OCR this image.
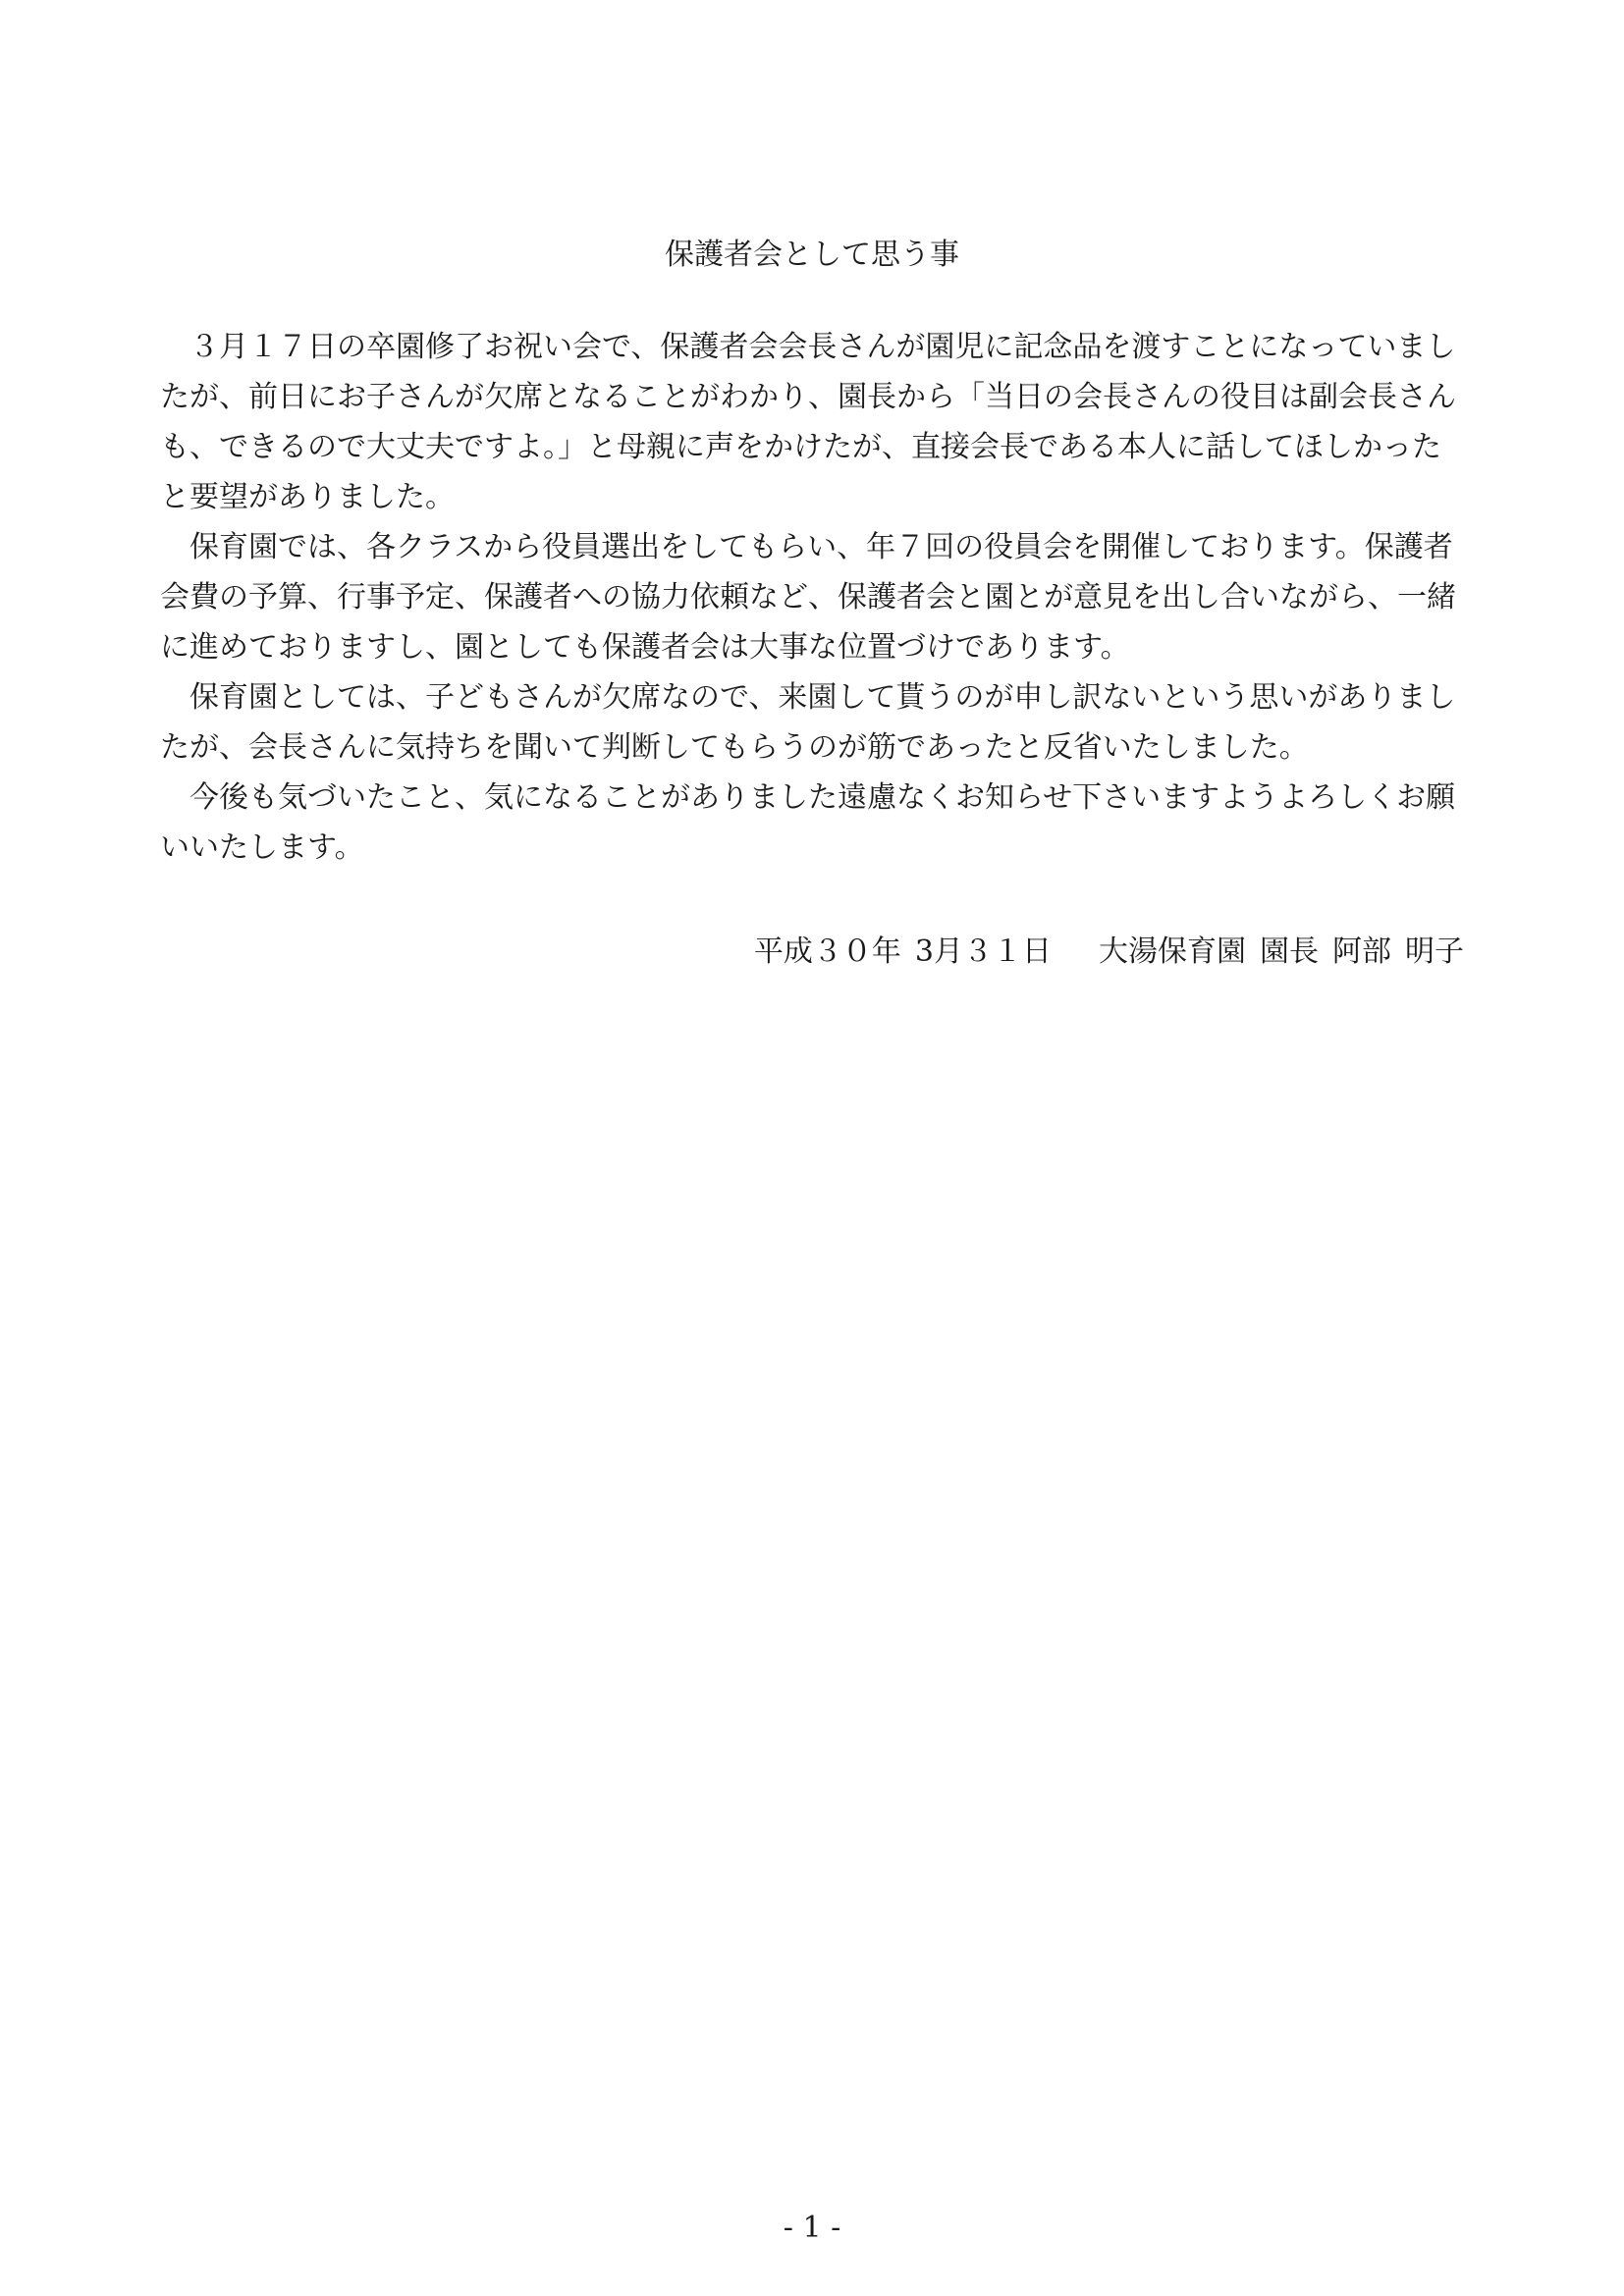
保護者会として思う事

３月１７日の卒園修了お祝い会で、保護者会会長さんが園児に記念品を渡すことになっていましたが、前日にお子さんが欠席となることがわかり、園長から「当日の会長さんの役目は副会長さんも、できるので大丈夫ですよ。」と母親に声をかけたが、直接会長である本人に話してほしかったと要望がありました。

保育園では、各クラスから役員選出をしてもらい、年７回の役員会を開催しております。保護者会費の予算、行事予定、保護者への協力依頼など、保護者会と園とが意見を出し合いながら、一緒に進めておりますし、園としても保護者会は大事な位置づけであります。

保育園としては、子どもさんが欠席なので、来園して貰うのが申し訳ないという思いがありましたが、会長さんに気持ちを聞いて判断してもらうのが筋であったと反省いたしました。

今後も気づいたこと、気になることがありました遠慮なくお知らせ下さいますようよろしくお願いいたします。

平成３０年 3月３１日 大湯保育園 園長 阿部 明子
- 1 -
